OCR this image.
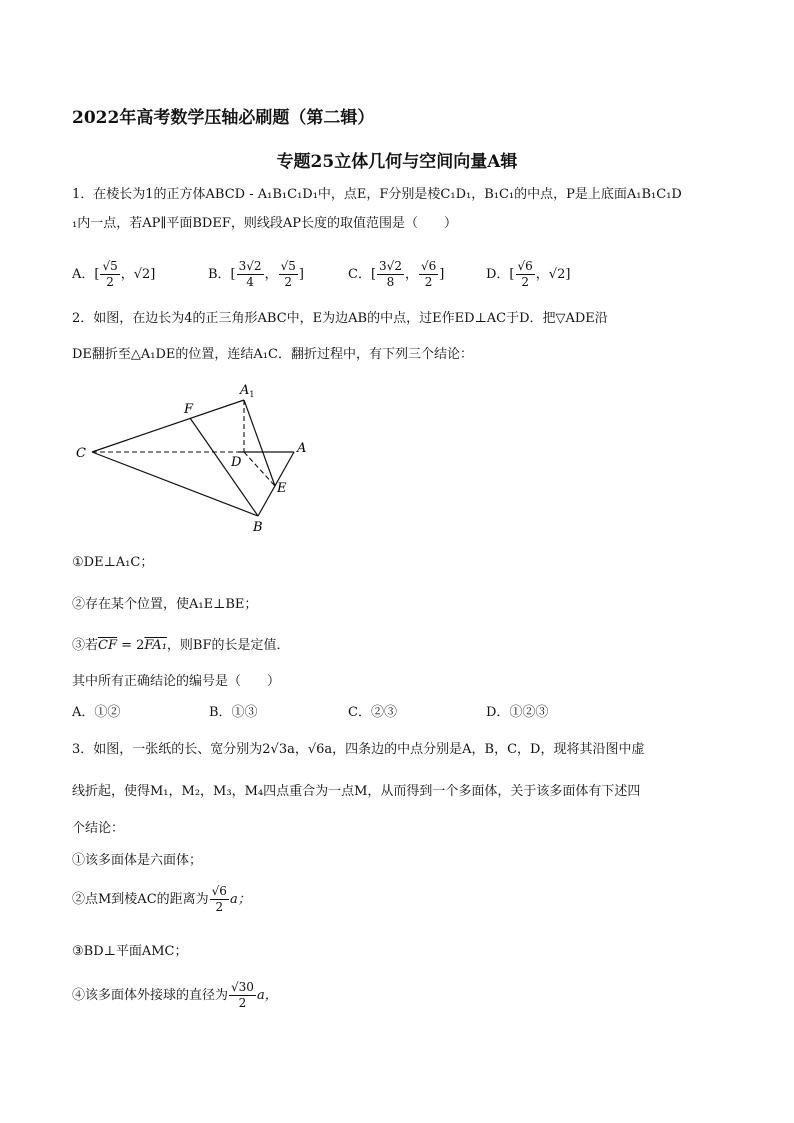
2022年高考数学压轴必刷题（第二辑）
专题25立体几何与空间向量A辑
1．在棱长为1的正方体ABCD - A₁B₁C₁D₁中，点E，F分别是棱C₁D₁，B₁C₁的中点，P是上底面A₁B₁C₁D
₁内一点，若AP∥平面BDEF，则线段AP长度的取值范围是（　　）
A．[ $\frac{√5}{2}$ ，√2]	B．[ $\frac{3√2}{4}$ ， $\frac{√5}{2}$ ]	C．[ $\frac{3√2}{8}$ ， $\frac{√6}{2}$ ]	D．[ $\frac{√6}{2}$ ，√2]
2．如图，在边长为4的正三角形ABC中，E为边AB的中点，过E作ED⊥AC于D．把▽ADE沿
DE翻折至△A₁DE的位置，连结A₁C．翻折过程中，有下列三个结论：
$A_1$
F
C
D
A
E
B
①DE⊥A₁C；
②存在某个位置，使A₁E⊥BE；
③若$\overline{CF} = 2FA_1$，则BF的长是定值．
其中所有正确结论的编号是（　　）
A．①②	B．①③	C．②③	D．①②③
3．如图，一张纸的长、宽分别为2√3a，√6a，四条边的中点分别是A，B，C，D，现将其沿图中虚
线折起，使得M₁，M₂，M₃，M₄四点重合为一点M，从而得到一个多面体，关于该多面体有下述四
个结论：
①该多面体是六面体；
②点M到棱AC的距离为 $\frac{√6}{2}$ a；
③BD⊥平面AMC；
④该多面体外接球的直径为 $\frac{√30}{2}$ a，
